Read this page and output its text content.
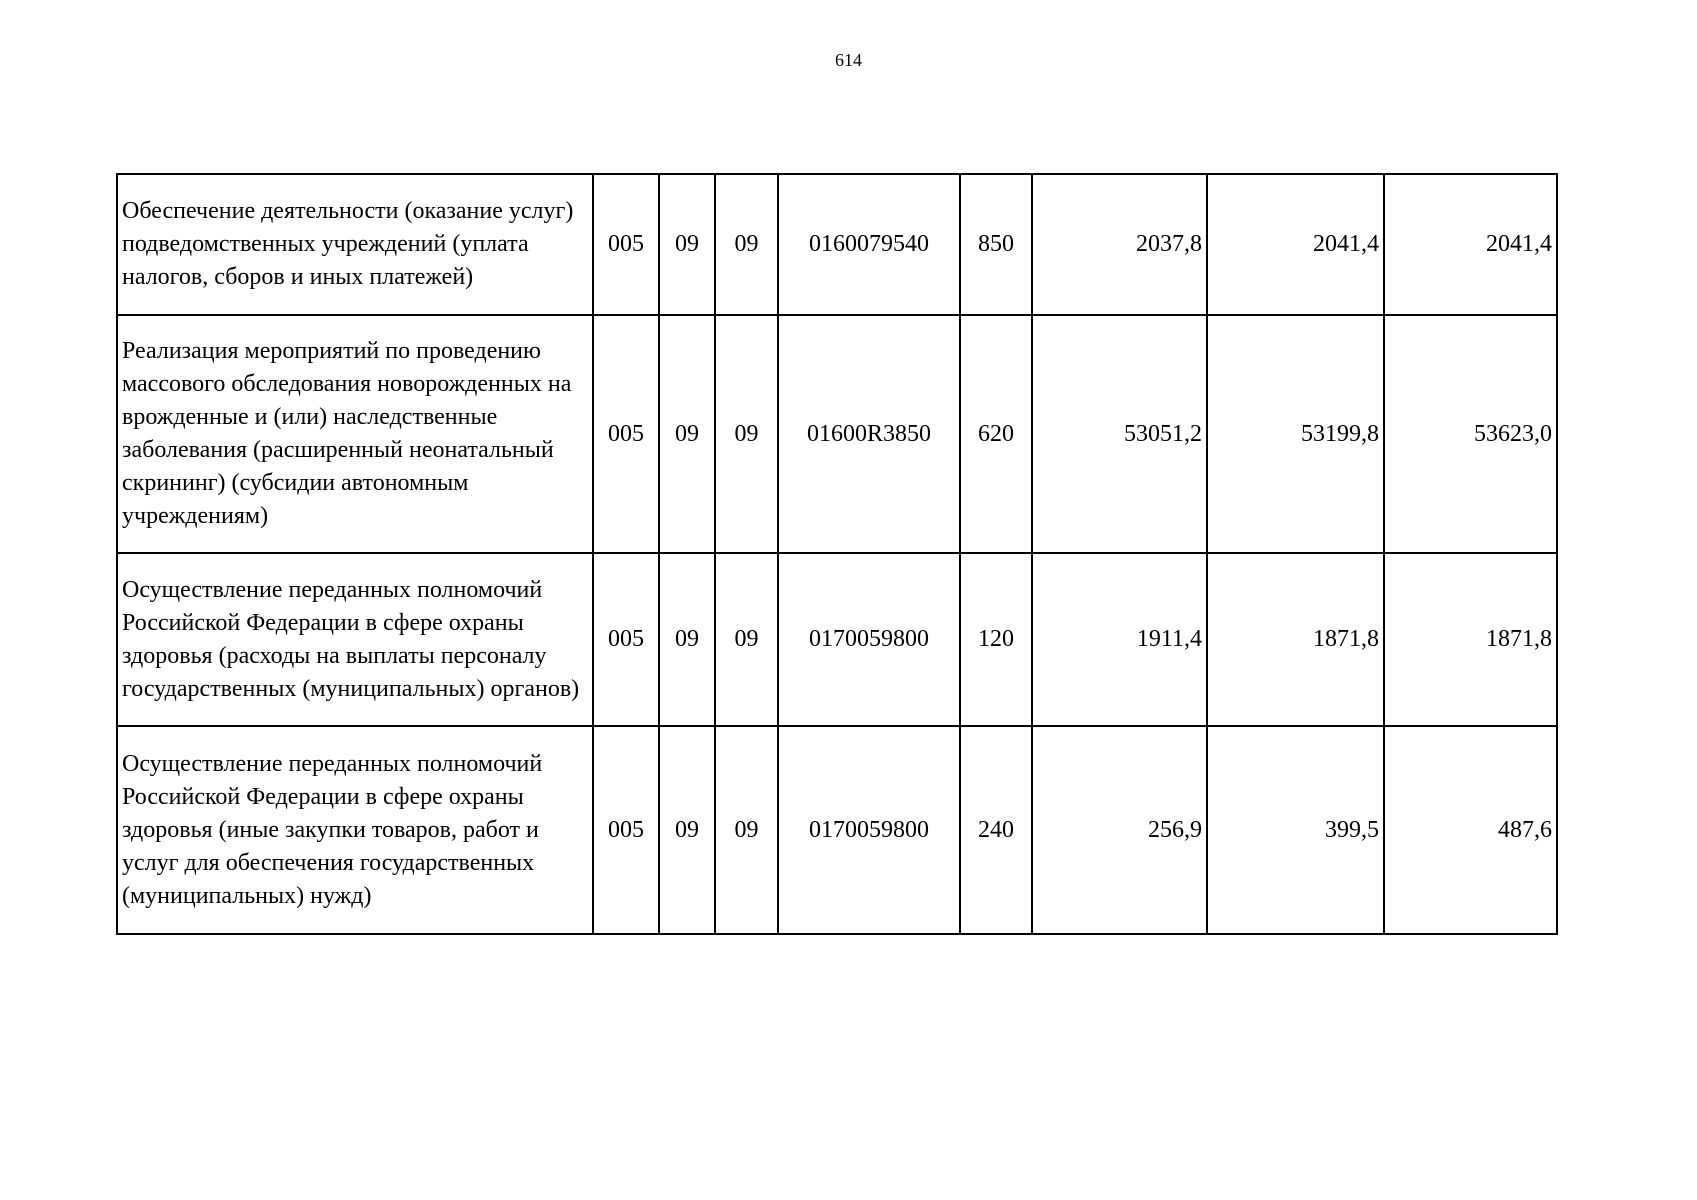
614
Обеспечение деятельности (оказание услуг) подведомственных учреждений (уплата налогов, сборов и иных платежей)	005	09	09	0160079540	850	2037,8	2041,4	2041,4
Реализация мероприятий по проведению массового обследования новорожденных на врожденные и (или) наследственные заболевания (расширенный неонатальный скрининг) (субсидии автономным учреждениям)	005	09	09	01600R3850	620	53051,2	53199,8	53623,0
Осуществление переданных полномочий Российской Федерации в сфере охраны здоровья (расходы на выплаты персоналу государственных (муниципальных) органов)	005	09	09	0170059800	120	1911,4	1871,8	1871,8
Осуществление переданных полномочий Российской Федерации в сфере охраны здоровья (иные закупки товаров, работ и услуг для обеспечения государственных (муниципальных) нужд)	005	09	09	0170059800	240	256,9	399,5	487,6
